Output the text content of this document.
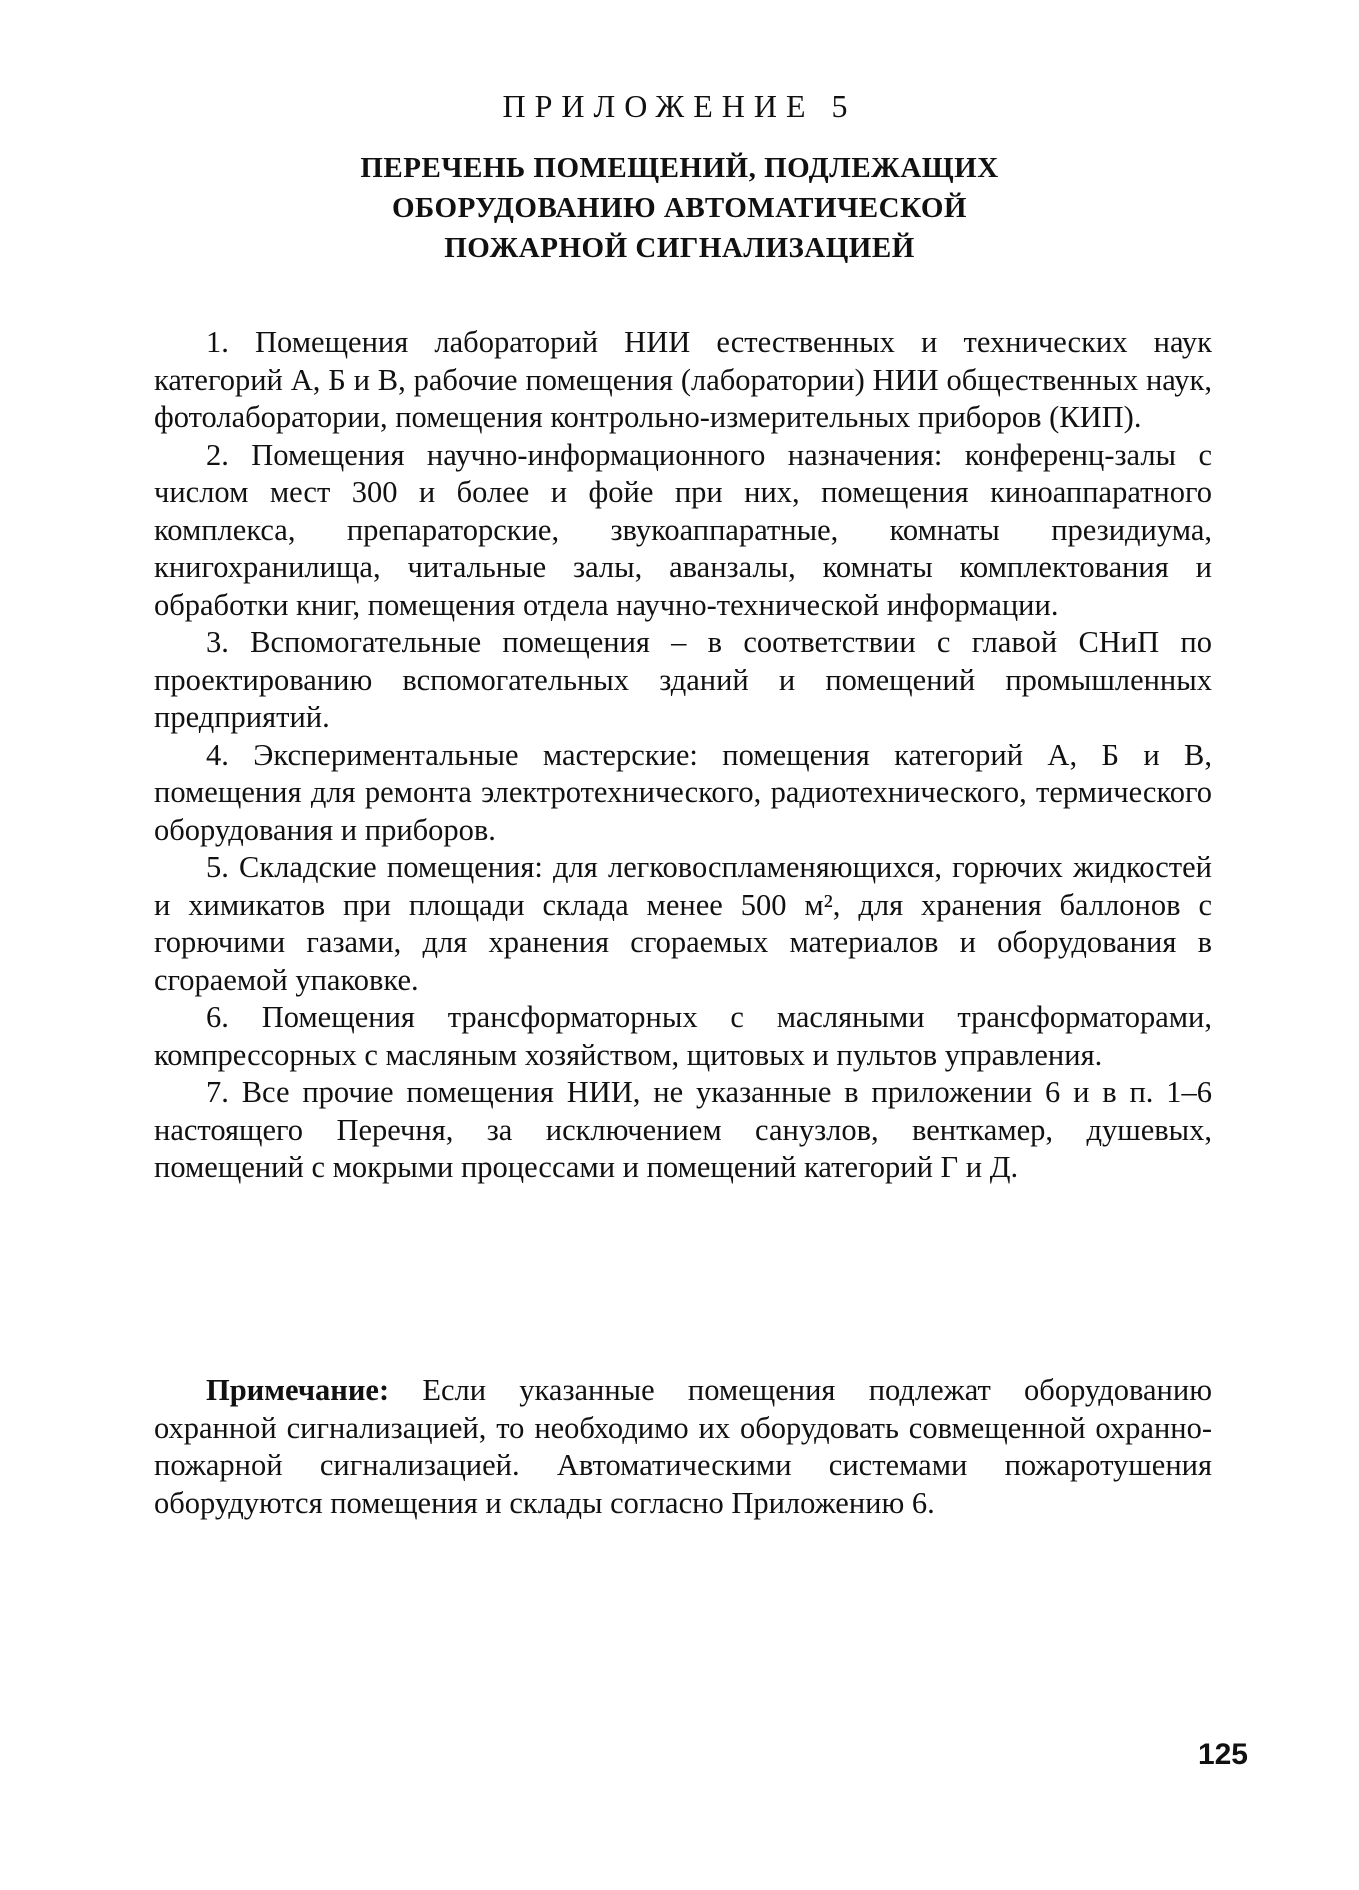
ПРИЛОЖЕНИЕ 5
ПЕРЕЧЕНЬ ПОМЕЩЕНИЙ, ПОДЛЕЖАЩИХ
ОБОРУДОВАНИЮ АВТОМАТИЧЕСКОЙ
ПОЖАРНОЙ СИГНАЛИЗАЦИЕЙ

1. Помещения лабораторий НИИ естественных и технических наук категорий А, Б и В, рабочие помещения (лаборатории) НИИ общественных наук, фотолаборатории, помещения контрольно-измерительных приборов (КИП).

2. Помещения научно-информационного назначения: конференц-залы с числом мест 300 и более и фойе при них, помещения киноаппаратного комплекса, препараторские, звукоаппаратные, комнаты президиума, книгохранилища, читальные залы, аванзалы, комнаты комплектования и обработки книг, помещения отдела научно-технической информации.

3. Вспомогательные помещения – в соответствии с главой СНиП по проектированию вспомогательных зданий и помещений промышленных предприятий.

4. Экспериментальные мастерские: помещения категорий А, Б и В, помещения для ремонта электротехнического, радиотехнического, термического оборудования и приборов.

5. Складские помещения: для легковоспламеняющихся, горючих жидкостей и химикатов при площади склада менее 500 м², для хранения баллонов с горючими газами, для хранения сгораемых материалов и оборудования в сгораемой упаковке.

6. Помещения трансформаторных с масляными трансформаторами, компрессорных с масляным хозяйством, щитовых и пультов управления.

7. Все прочие помещения НИИ, не указанные в приложении 6 и в п. 1–6 настоящего Перечня, за исключением санузлов, венткамер, душевых, помещений с мокрыми процессами и помещений категорий Г и Д.

Примечание: Если указанные помещения подлежат оборудованию охранной сигнализацией, то необходимо их оборудовать совмещенной охранно-пожарной сигнализацией. Автоматическими системами пожаротушения оборудуются помещения и склады согласно Приложению 6.

125
